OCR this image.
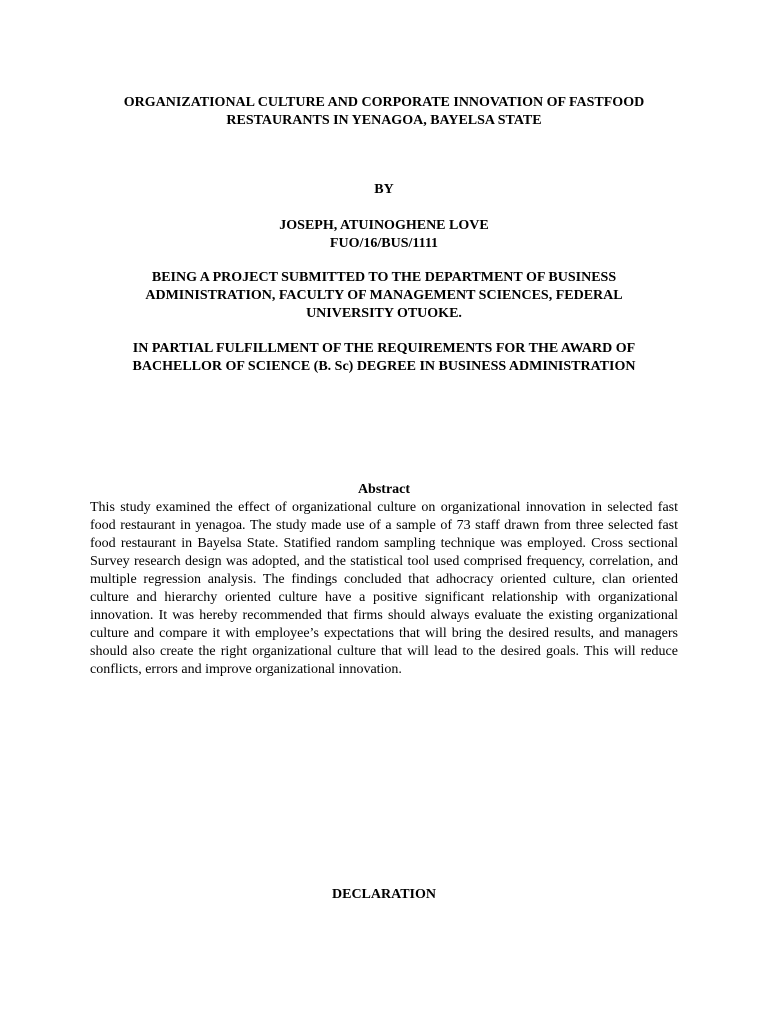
ORGANIZATIONAL CULTURE AND CORPORATE INNOVATION OF FASTFOOD
RESTAURANTS IN YENAGOA, BAYELSA STATE
BY
JOSEPH, ATUINOGHENE LOVE
FUO/16/BUS/1111
BEING A PROJECT SUBMITTED TO THE DEPARTMENT OF BUSINESS
ADMINISTRATION, FACULTY OF MANAGEMENT SCIENCES, FEDERAL
UNIVERSITY OTUOKE.
IN PARTIAL FULFILLMENT OF THE REQUIREMENTS FOR THE AWARD OF
BACHELLOR OF SCIENCE (B. Sc) DEGREE IN BUSINESS ADMINISTRATION
Abstract

This study examined the effect of organizational culture on organizational innovation in selected fast food restaurant in yenagoa. The study made use of a sample of 73 staff drawn from three selected fast food restaurant in Bayelsa State. Statified random sampling technique was employed. Cross sectional Survey research design was adopted, and the statistical tool used comprised frequency, correlation, and multiple regression analysis. The findings concluded that adhocracy oriented culture, clan oriented culture and hierarchy oriented culture have a positive significant relationship with organizational innovation. It was hereby recommended that firms should always evaluate the existing organizational culture and compare it with employee’s expectations that will bring the desired results, and managers should also create the right organizational culture that will lead to the desired goals. This will reduce conflicts, errors and improve organizational innovation.

DECLARATION
